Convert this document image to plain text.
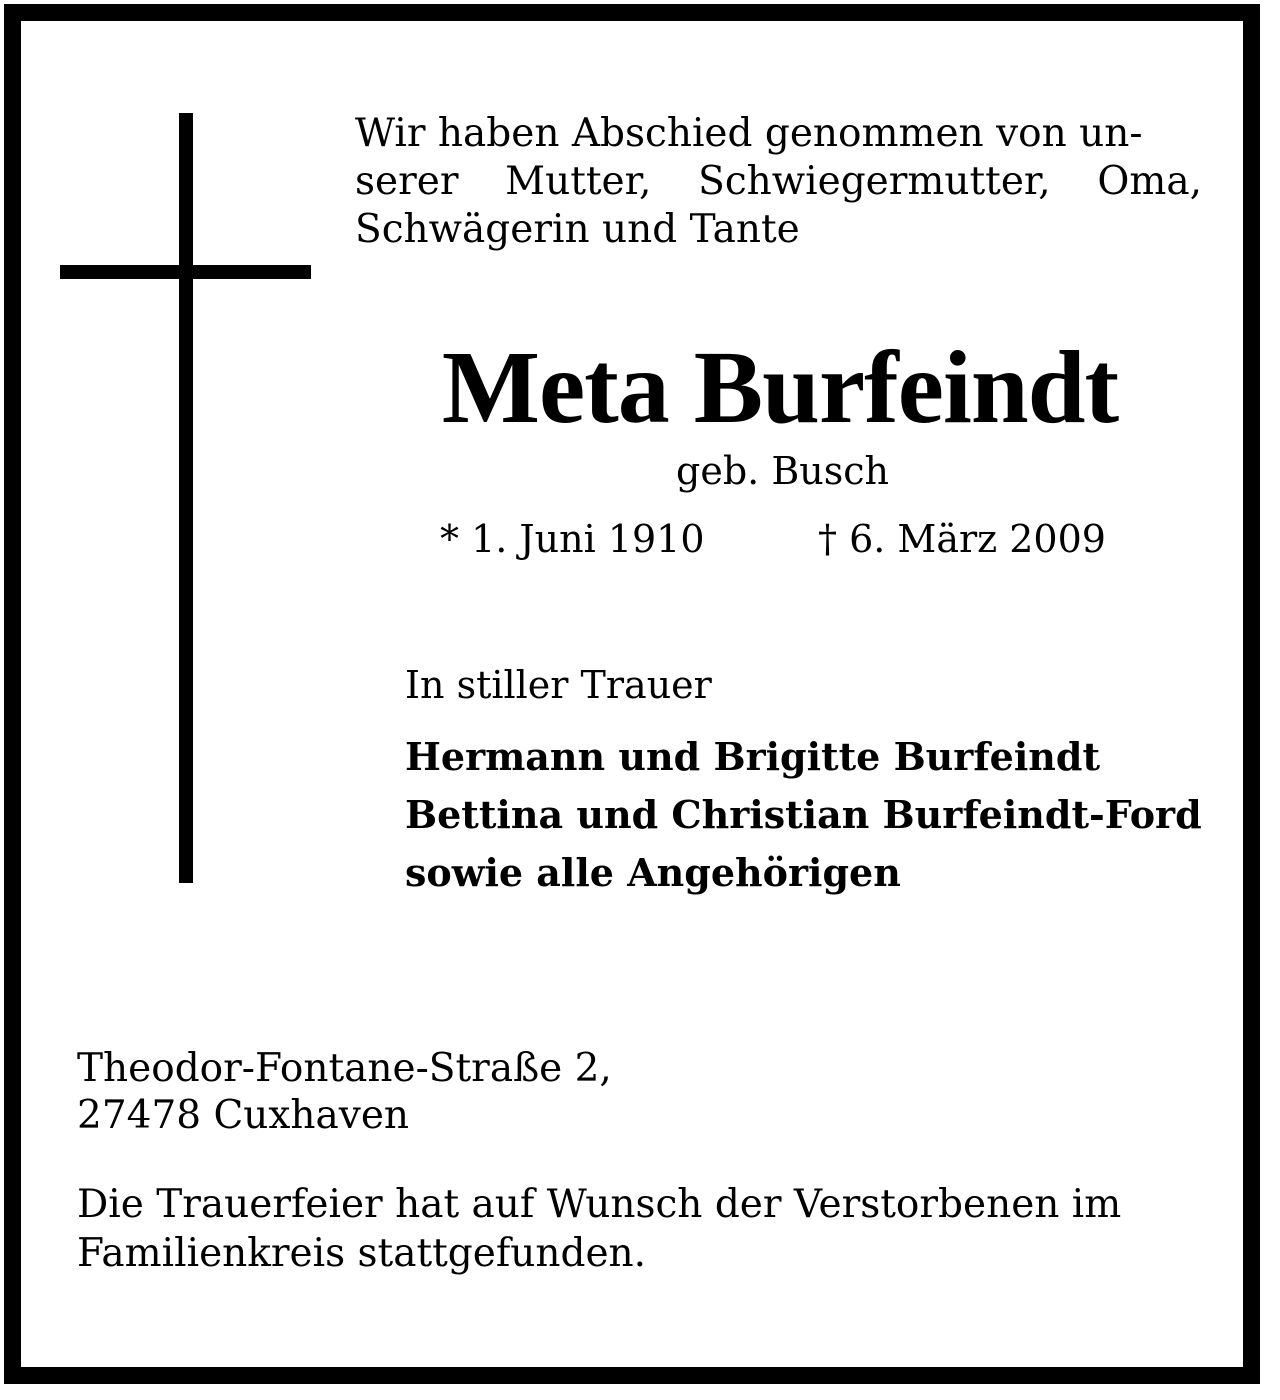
Wir haben Abschied genommen von un-
serer Mutter, Schwiegermutter, Oma,
Schwägerin und Tante
Meta Burfeindt
geb. Busch
* 1. Juni 1910	† 6. März 2009
In stiller Trauer
Hermann und Brigitte Burfeindt
Bettina und Christian Burfeindt-Ford
sowie alle Angehörigen
Theodor-Fontane-Straße 2,
27478 Cuxhaven
Die Trauerfeier hat auf Wunsch der Verstorbenen im
Familienkreis stattgefunden.
